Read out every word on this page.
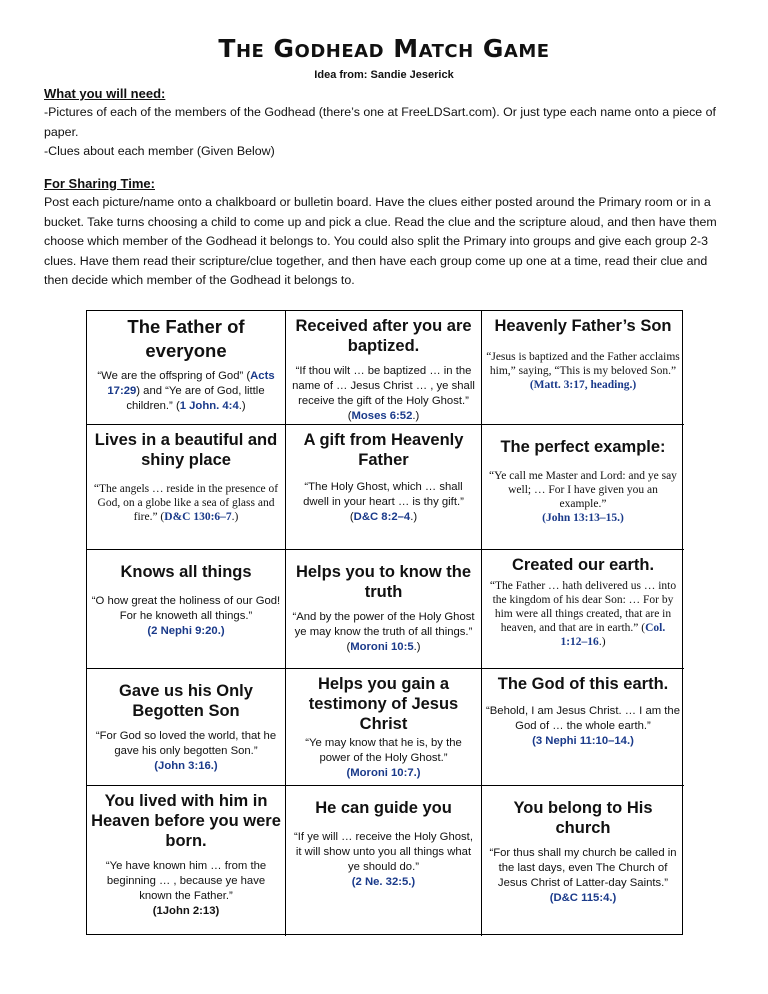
The Godhead Match Game
Idea from: Sandie Jeserick
What you will need:
-Pictures of each of the members of the Godhead (there’s one at FreeLDSart.com). Or just type each name onto a piece of paper.
-Clues about each member (Given Below)
For Sharing Time:
Post each picture/name onto a chalkboard or bulletin board. Have the clues either posted around the Primary room or in a bucket. Take turns choosing a child to come up and pick a clue. Read the clue and the scripture aloud, and then have them choose which member of the Godhead it belongs to. You could also split the Primary into groups and give each group 2-3 clues. Have them read their scripture/clue together, and then have each group come up one at a time, read their clue and then decide which member of the Godhead it belongs to.
The Father of everyone
“We are the offspring of God” (Acts 17:29) and “Ye are of God, little children.” (1 John. 4:4.)
Received after you are baptized.
“If thou wilt … be baptized … in the name of … Jesus Christ … , ye shall receive the gift of the Holy Ghost.” (Moses 6:52.)
Heavenly Father’s Son
“Jesus is baptized and the Father acclaims him,” saying, “This is my beloved Son.”
(Matt. 3:17, heading.)
Lives in a beautiful and shiny place
“The angels … reside in the presence of God, on a globe like a sea of glass and fire.” (D&C 130:6–7.)
A gift from Heavenly Father
“The Holy Ghost, which … shall dwell in your heart … is thy gift.” (D&C 8:2–4.)
The perfect example:
“Ye call me Master and Lord: and ye say well; … For I have given you an example.”
(John 13:13–15.)
Knows all things
“O how great the holiness of our God! For he knoweth all things.”
(2 Nephi 9:20.)
Helps you to know the truth
“And by the power of the Holy Ghost ye may know the truth of all things.” (Moroni 10:5.)
Created our earth.
“The Father … hath delivered us … into the kingdom of his dear Son: … For by him were all things created, that are in heaven, and that are in earth.” (Col. 1:12–16.)
Gave us his Only Begotten Son
“For God so loved the world, that he gave his only begotten Son.”
(John 3:16.)
Helps you gain a testimony of Jesus Christ
“Ye may know that he is, by the power of the Holy Ghost.”
(Moroni 10:7.)
The God of this earth.
“Behold, I am Jesus Christ. … I am the God of … the whole earth.”
(3 Nephi 11:10–14.)
You lived with him in Heaven before you were born.
“Ye have known him … from the beginning … , because ye have known the Father.”
(1John 2:13)
He can guide you
“If ye will … receive the Holy Ghost, it will show unto you all things what ye should do.”
(2 Ne. 32:5.)
You belong to His church
“For thus shall my church be called in the last days, even The Church of Jesus Christ of Latter-day Saints.”
(D&C 115:4.)
